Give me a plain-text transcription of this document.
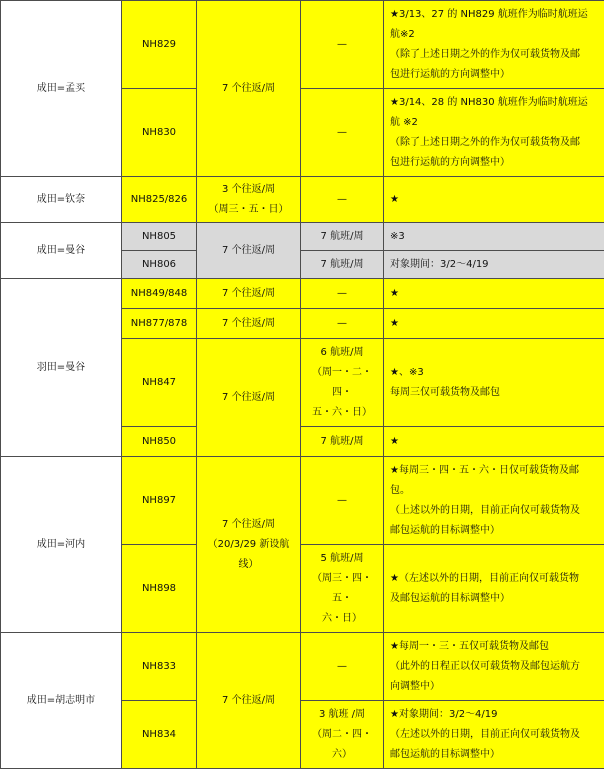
成田=孟买	NH829	7 个往返/周	—	★3/13、27 的 NH829 航班作为临时航班运
航※2
（除了上述日期之外的作为仅可载货物及邮
包进行运航的方向调整中）

	NH830		—	★3/14、28 的 NH830 航班作为临时航班运
航 ※2
（除了上述日期之外的作为仅可载货物及邮
包进行运航的方向调整中）

成田=钦奈	NH825/826	3 个往返/周
（周三・五・日）	—	★

成田=曼谷	NH805	7 个往返/周	7 航班/周	※3

	NH806		7 航班/周	对象期间：3/2～4/19

羽田=曼谷	NH849/848	7 个往返/周	—	★

	NH877/878	7 个往返/周	—	★

	NH847	7 个往返/周	6 航班/周
（周一・二・
四・
五・六・日）	★、※3
每周三仅可载货物及邮包

	NH850		7 航班/周	★

成田=河内	NH897	7 个往返/周
（20/3/29 新设航
线）	—	★每周三・四・五・六・日仅可载货物及邮
包。
（上述以外的日期，目前正向仅可载货物及
邮包运航的目标调整中）

	NH898		5 航班/周
（周三・四・
五・
六・日）	★（左述以外的日期，目前正向仅可载货物
及邮包运航的目标调整中）

成田=胡志明市	NH833	7 个往返/周	—	★每周一・三・五仅可载货物及邮包
（此外的日程正以仅可载货物及邮包运航方
向调整中）

	NH834		3 航班 /周
（周二・四・
六）	★对象期间：3/2～4/19
（左述以外的日期，目前正向仅可载货物及
邮包运航的目标调整中）
